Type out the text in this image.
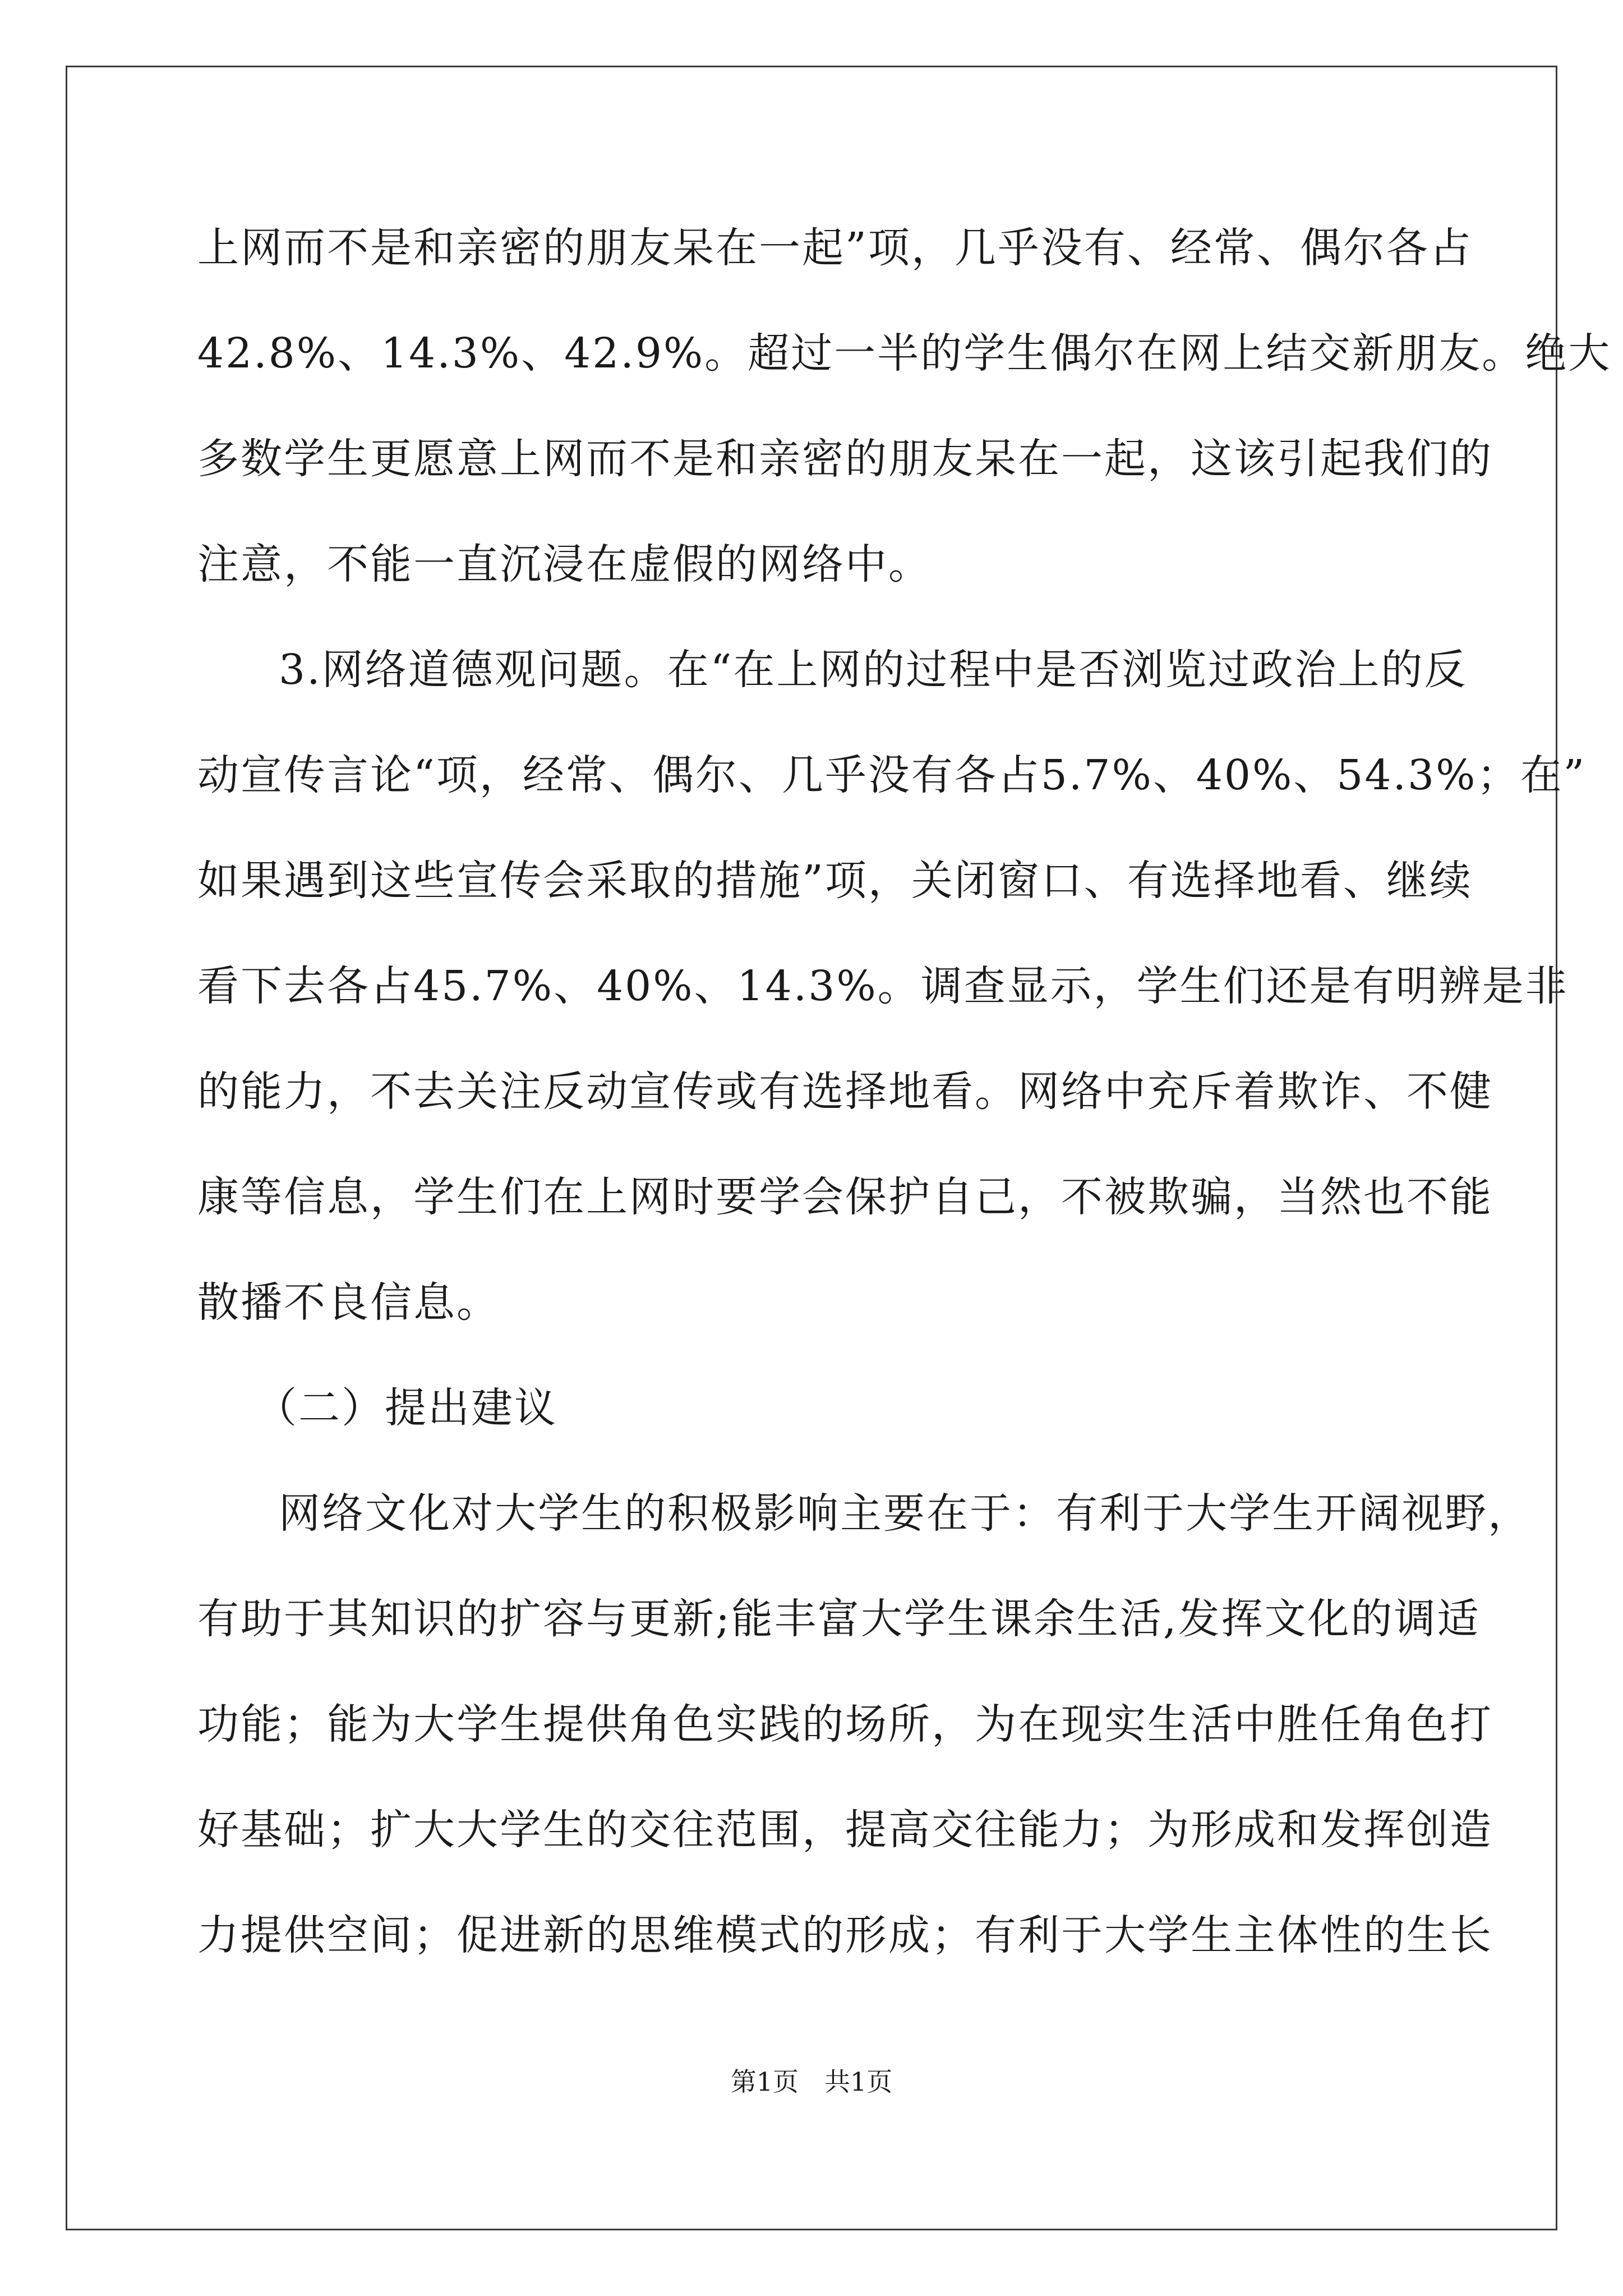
上网而不是和亲密的朋友呆在一起”项，几乎没有、经常、偶尔各占
42.8%、14.3%、42.9%。超过一半的学生偶尔在网上结交新朋友。绝大
多数学生更愿意上网而不是和亲密的朋友呆在一起，这该引起我们的
注意，不能一直沉浸在虚假的网络中。
3.网络道德观问题。在“在上网的过程中是否浏览过政治上的反
动宣传言论“项，经常、偶尔、几乎没有各占5.7%、40%、54.3%；在”
如果遇到这些宣传会采取的措施”项，关闭窗口、有选择地看、继续
看下去各占45.7%、40%、14.3%。调查显示，学生们还是有明辨是非
的能力，不去关注反动宣传或有选择地看。网络中充斥着欺诈、不健
康等信息，学生们在上网时要学会保护自己，不被欺骗，当然也不能
散播不良信息。
（二）提出建议
网络文化对大学生的积极影响主要在于：有利于大学生开阔视野，
有助于其知识的扩容与更新;能丰富大学生课余生活,发挥文化的调适
功能；能为大学生提供角色实践的场所，为在现实生活中胜任角色打
好基础；扩大大学生的交往范围，提高交往能力；为形成和发挥创造
力提供空间；促进新的思维模式的形成；有利于大学生主体性的生长
第1页　共1页
